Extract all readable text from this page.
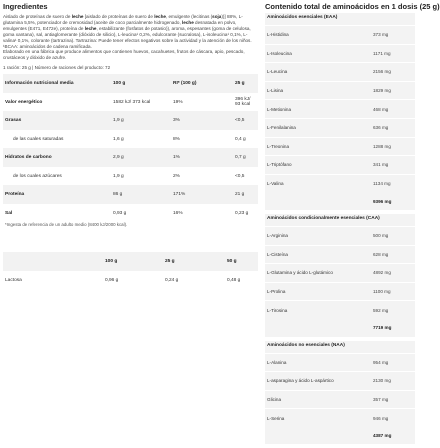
Ingredientes
Aislado de proteínas de suero de leche [aislado de proteínas de suero de leche, emulgente (lecitinas (soja))] 88%, L-glutamina 5,5%, potenciador de cremosidad (aceite de coco parcialmente hidrogenado, leche desnatada en polvo, emulgentes (E471, E472e), proteína de leche, estabilizante (fosfatos de potasio)), aroma, espesantes (goma de celulosa, goma xantana), sal, antiaglomerante (dióxido de silicio), L-leucina¹ 0,2%, edulcorante (sucralosa), L-isoleucina¹ 0,1%, L-valina¹ 0,1%, colorante (tartrazina). Tartrazina: Puede tener efectos negativos sobre la actividad y la atención de los niños.
¹BCAA: aminoácidos de cadena ramificada.
Elaborado en una fábrica que produce alimentos que contienen huevos, cacahuetes, frutos de cáscara, apio, pescado, crustáceos y dióxido de azufre.
1 ración: 25 g | Número de raciones del producto: 72
Información nutricional media	100 g	RI* (100 g)	25 g
Valor energético	1582 kJ/ 373 kcal	19%	396 kJ/ 93 kcal
Grasas	1,9 g	3%	<0,5
de las cuales saturadas	1,6 g	8%	0,4 g
Hidratos de carbono	2,9 g	1%	0,7 g
de los cuales azúcares	1,9 g	2%	<0,5
Proteína	86 g	171%	21 g
Sal	0,93 g	16%	0,23 g
*Ingesta de referencia de un adulto medio (8400 kJ/2000 kcal).
	100 g	25 g	50 g
Lactosa	0,96 g	0,24 g	0,48 g
Contenido total de aminoácidos en 1 dosis (25 g)
Aminoácidos esenciales (EAA)
L-Histidina	373 mg
L-Isoleucina	1171 mg
L-Leucina	2156 mg
L-Lisina	1829 mg
L-Metionina	468 mg
L-Fenilalanina	636 mg
L-Treonina	1288 mg
L-Triptófano	341 mg
L-Valina	1134 mg
	9396 mg
Aminoácidos condicionalmente esenciales (CAA)
L-Arginina	500 mg
L-Cisteína	628 mg
L-Glutamina y ácido L-glutámico	4892 mg
L-Prolina	1100 mg
L-Tirosina	592 mg
	7719 mg
Aminoácidos no esenciales (NAA)
L-Alanina	954 mg
L-asparagina y ácido L-aspártico	2130 mg
Glicina	357 mg
L-Serina	946 mg
	4387 mg
